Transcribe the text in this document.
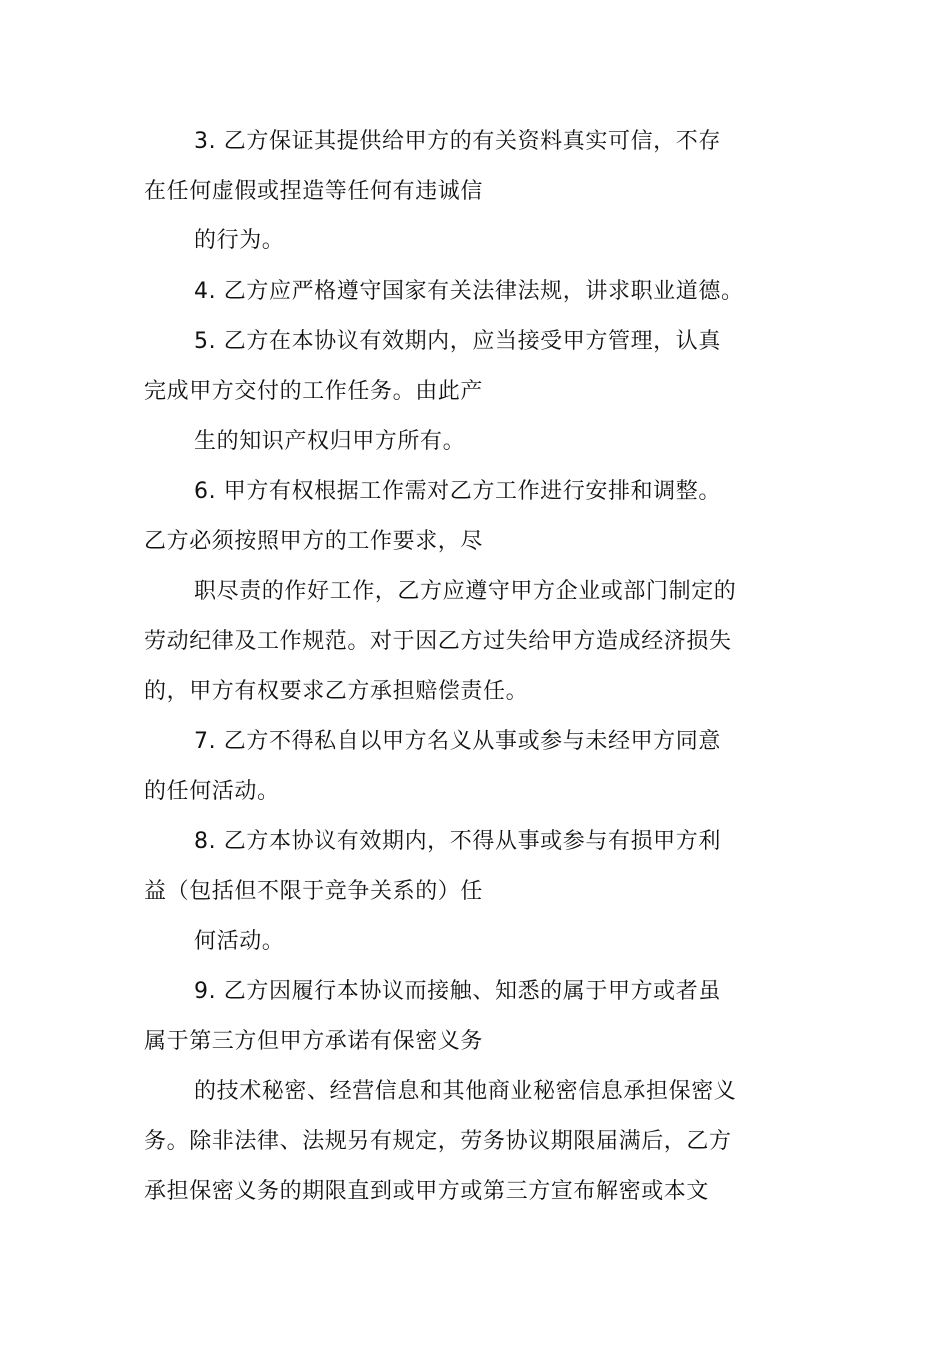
3. 乙方保证其提供给甲方的有关资料真实可信，不存
在任何虚假或捏造等任何有违诚信
的行为。
4. 乙方应严格遵守国家有关法律法规，讲求职业道德。
5. 乙方在本协议有效期内，应当接受甲方管理，认真
完成甲方交付的工作任务。由此产
生的知识产权归甲方所有。
6. 甲方有权根据工作需对乙方工作进行安排和调整。
乙方必须按照甲方的工作要求，尽
职尽责的作好工作，乙方应遵守甲方企业或部门制定的
劳动纪律及工作规范。对于因乙方过失给甲方造成经济损失
的，甲方有权要求乙方承担赔偿责任。
7. 乙方不得私自以甲方名义从事或参与未经甲方同意
的任何活动。
8. 乙方本协议有效期内，不得从事或参与有损甲方利
益（包括但不限于竞争关系的）任
何活动。
9. 乙方因履行本协议而接触、知悉的属于甲方或者虽
属于第三方但甲方承诺有保密义务
的技术秘密、经营信息和其他商业秘密信息承担保密义
务。除非法律、法规另有规定，劳务协议期限届满后，乙方
承担保密义务的期限直到或甲方或第三方宣布解密或本文
